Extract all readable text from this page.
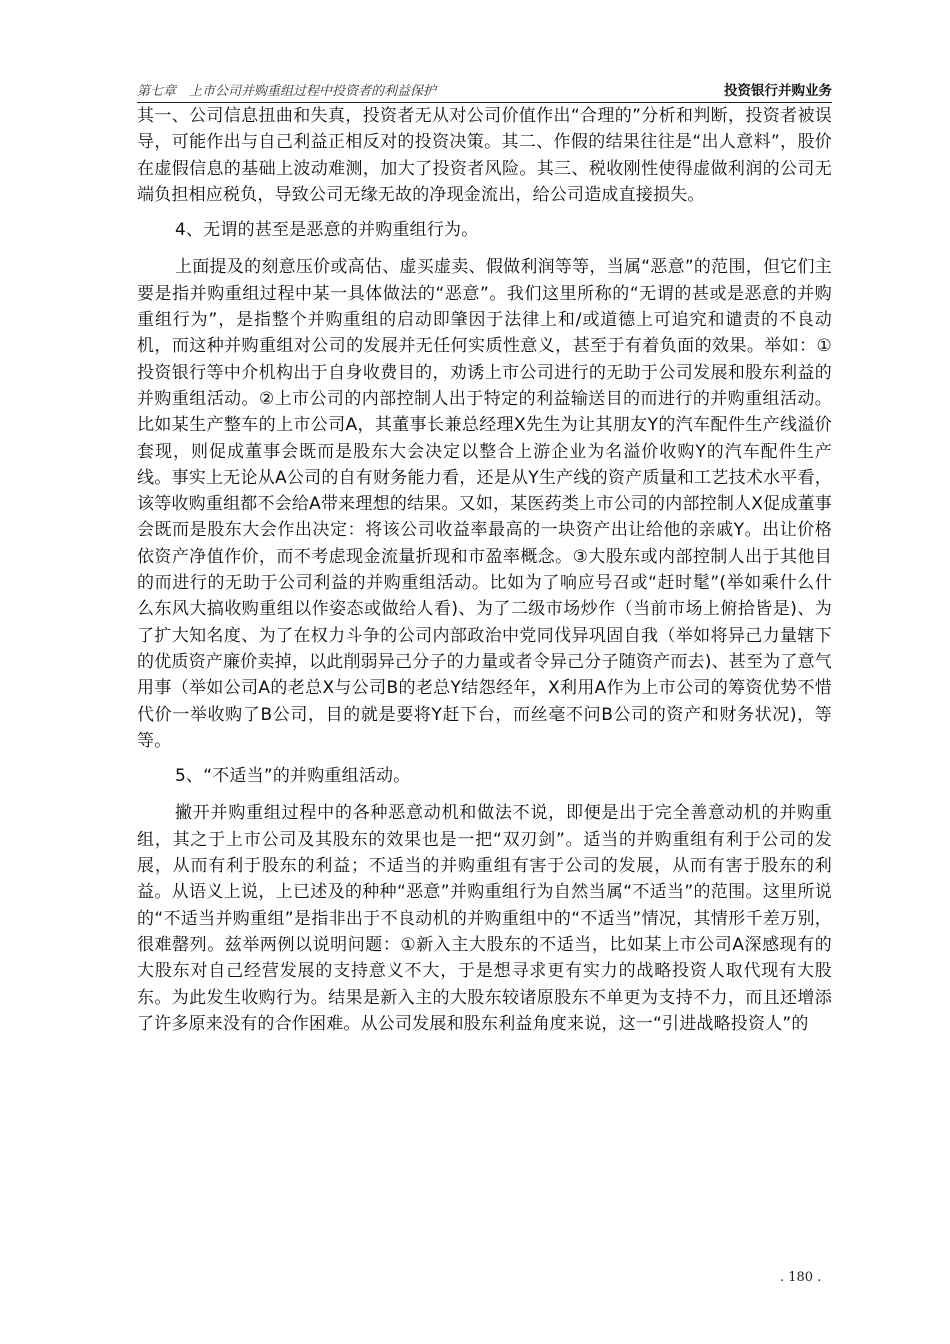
第七章　上市公司并购重组过程中投资者的利益保护	投资银行并购业务

其一、公司信息扭曲和失真，投资者无从对公司价值作出“合理的”分析和判断，投资者被误导，可能作出与自己利益正相反对的投资决策。其二、作假的结果往往是“出人意料”，股价在虚假信息的基础上波动难测，加大了投资者风险。其三、税收刚性使得虚做利润的公司无端负担相应税负，导致公司无缘无故的净现金流出，给公司造成直接损失。

4、无谓的甚至是恶意的并购重组行为。

上面提及的刻意压价或高估、虚买虚卖、假做利润等等，当属“恶意”的范围，但它们主要是指并购重组过程中某一具体做法的“恶意”。我们这里所称的“无谓的甚或是恶意的并购重组行为”，是指整个并购重组的启动即肇因于法律上和/或道德上可追究和谴责的不良动机，而这种并购重组对公司的发展并无任何实质性意义，甚至于有着负面的效果。举如：①投资银行等中介机构出于自身收费目的，劝诱上市公司进行的无助于公司发展和股东利益的并购重组活动。②上市公司的内部控制人出于特定的利益输送目的而进行的并购重组活动。比如某生产整车的上市公司A，其董事长兼总经理X先生为让其朋友Y的汽车配件生产线溢价套现，则促成董事会既而是股东大会决定以整合上游企业为名溢价收购Y的汽车配件生产线。事实上无论从A公司的自有财务能力看，还是从Y生产线的资产质量和工艺技术水平看，该等收购重组都不会给A带来理想的结果。又如，某医药类上市公司的内部控制人X促成董事会既而是股东大会作出决定：将该公司收益率最高的一块资产出让给他的亲戚Y。出让价格依资产净值作价，而不考虑现金流量折现和市盈率概念。③大股东或内部控制人出于其他目的而进行的无助于公司利益的并购重组活动。比如为了响应号召或“赶时髦”(举如乘什么什么东风大搞收购重组以作姿态或做给人看)、为了二级市场炒作（当前市场上俯拾皆是)、为了扩大知名度、为了在权力斗争的公司内部政治中党同伐异巩固自我（举如将异己力量辖下的优质资产廉价卖掉，以此削弱异己分子的力量或者令异己分子随资产而去)、甚至为了意气用事（举如公司A的老总X与公司B的老总Y结怨经年，X利用A作为上市公司的筹资优势不惜代价一举收购了B公司，目的就是要将Y赶下台，而丝毫不问B公司的资产和财务状况)，等等。

5、“不适当”的并购重组活动。

撇开并购重组过程中的各种恶意动机和做法不说，即便是出于完全善意动机的并购重组，其之于上市公司及其股东的效果也是一把“双刃剑”。适当的并购重组有利于公司的发展，从而有利于股东的利益；不适当的并购重组有害于公司的发展，从而有害于股东的利益。从语义上说，上已述及的种种“恶意”并购重组行为自然当属“不适当”的范围。这里所说的“不适当并购重组”是指非出于不良动机的并购重组中的“不适当”情况，其情形千差万别，很难罄列。兹举两例以说明问题：①新入主大股东的不适当，比如某上市公司A深感现有的大股东对自己经营发展的支持意义不大，于是想寻求更有实力的战略投资人取代现有大股东。为此发生收购行为。结果是新入主的大股东较诸原股东不单更为支持不力，而且还增添了许多原来没有的合作困难。从公司发展和股东利益角度来说，这一“引进战略投资人”的

. 180 .
